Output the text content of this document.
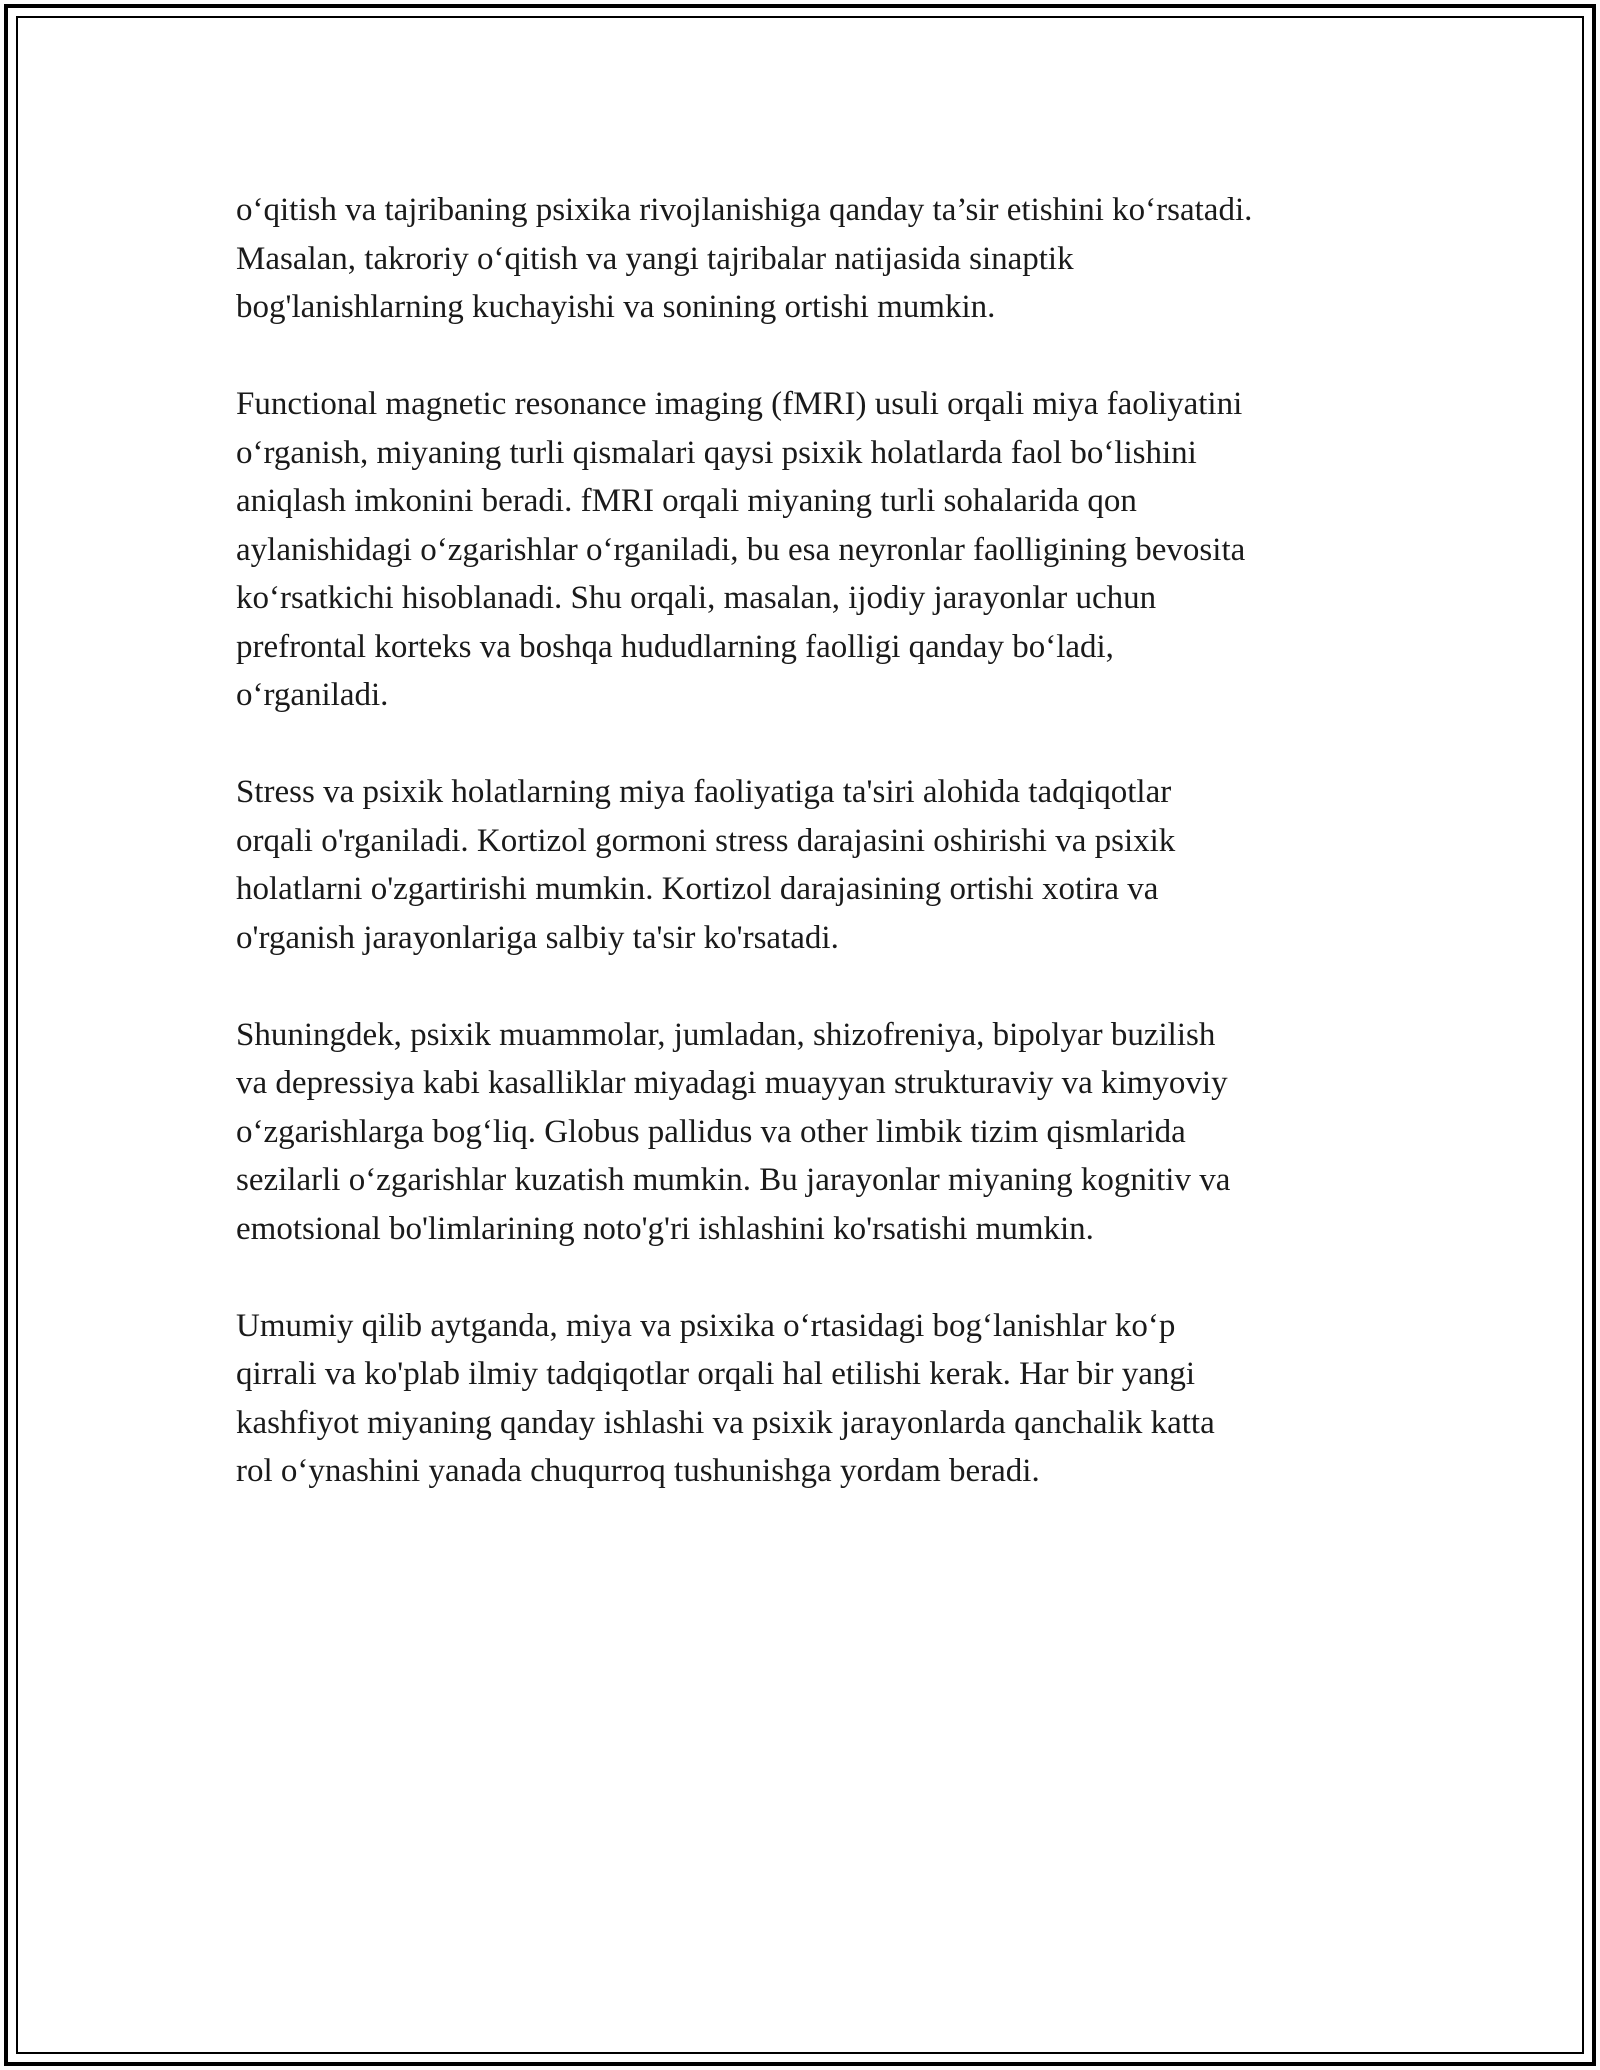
o‘qitish va tajribaning psixika rivojlanishiga qanday ta’sir etishini ko‘rsatadi.
Masalan, takroriy o‘qitish va yangi tajribalar natijasida sinaptik
bog'lanishlarning kuchayishi va sonining ortishi mumkin.

Functional magnetic resonance imaging (fMRI) usuli orqali miya faoliyatini
o‘rganish, miyaning turli qismalari qaysi psixik holatlarda faol bo‘lishini
aniqlash imkonini beradi. fMRI orqali miyaning turli sohalarida qon
aylanishidagi o‘zgarishlar o‘rganiladi, bu esa neyronlar faolligining bevosita
ko‘rsatkichi hisoblanadi. Shu orqali, masalan, ijodiy jarayonlar uchun
prefrontal korteks va boshqa hududlarning faolligi qanday bo‘ladi,
o‘rganiladi.

Stress va psixik holatlarning miya faoliyatiga ta'siri alohida tadqiqotlar
orqali o'rganiladi. Kortizol gormoni stress darajasini oshirishi va psixik
holatlarni o'zgartirishi mumkin. Kortizol darajasining ortishi xotira va
o'rganish jarayonlariga salbiy ta'sir ko'rsatadi.

Shuningdek, psixik muammolar, jumladan, shizofreniya, bipolyar buzilish
va depressiya kabi kasalliklar miyadagi muayyan strukturaviy va kimyoviy
o‘zgarishlarga bog‘liq. Globus pallidus va other limbik tizim qismlarida
sezilarli o‘zgarishlar kuzatish mumkin. Bu jarayonlar miyaning kognitiv va
emotsional bo'limlarining noto'g'ri ishlashini ko'rsatishi mumkin.

Umumiy qilib aytganda, miya va psixika o‘rtasidagi bog‘lanishlar ko‘p
qirrali va ko'plab ilmiy tadqiqotlar orqali hal etilishi kerak. Har bir yangi
kashfiyot miyaning qanday ishlashi va psixik jarayonlarda qanchalik katta
rol o‘ynashini yanada chuqurroq tushunishga yordam beradi.
